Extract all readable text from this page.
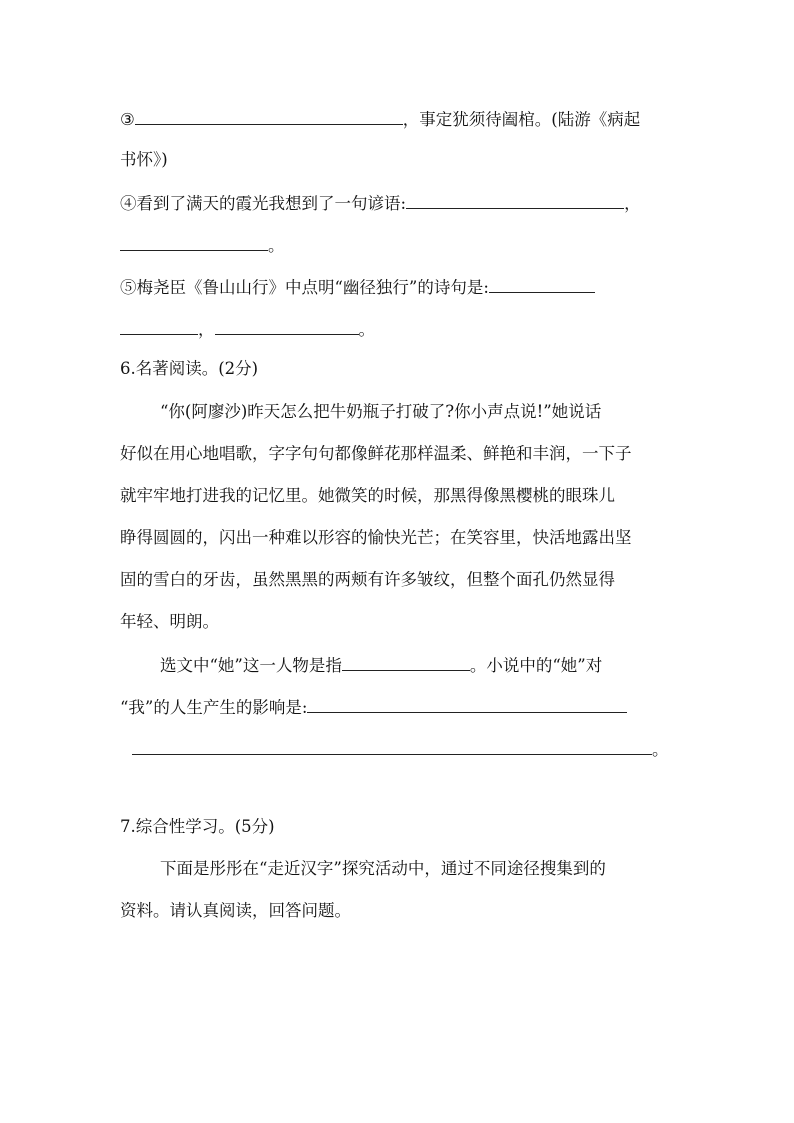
③	，事定犹须待阖棺。(陆游《病起
书怀》)
④看到了满天的霞光我想到了一句谚语:	，
。
⑤梅尧臣《鲁山山行》中点明“幽径独行”的诗句是:
，	。
6.名著阅读。(2分)
“你(阿廖沙)昨天怎么把牛奶瓶子打破了?你小声点说!”她说话
好似在用心地唱歌，字字句句都像鲜花那样温柔、鲜艳和丰润，一下子
就牢牢地打进我的记忆里。她微笑的时候，那黑得像黑樱桃的眼珠儿
睁得圆圆的，闪出一种难以形容的愉快光芒；在笑容里，快活地露出坚
固的雪白的牙齿，虽然黑黑的两颊有许多皱纹，但整个面孔仍然显得
年轻、明朗。
选文中“她”这一人物是指	。小说中的“她”对
“我”的人生产生的影响是:
。
7.综合性学习。(5分)
下面是彤彤在“走近汉字”探究活动中，通过不同途径搜集到的
资料。请认真阅读，回答问题。
